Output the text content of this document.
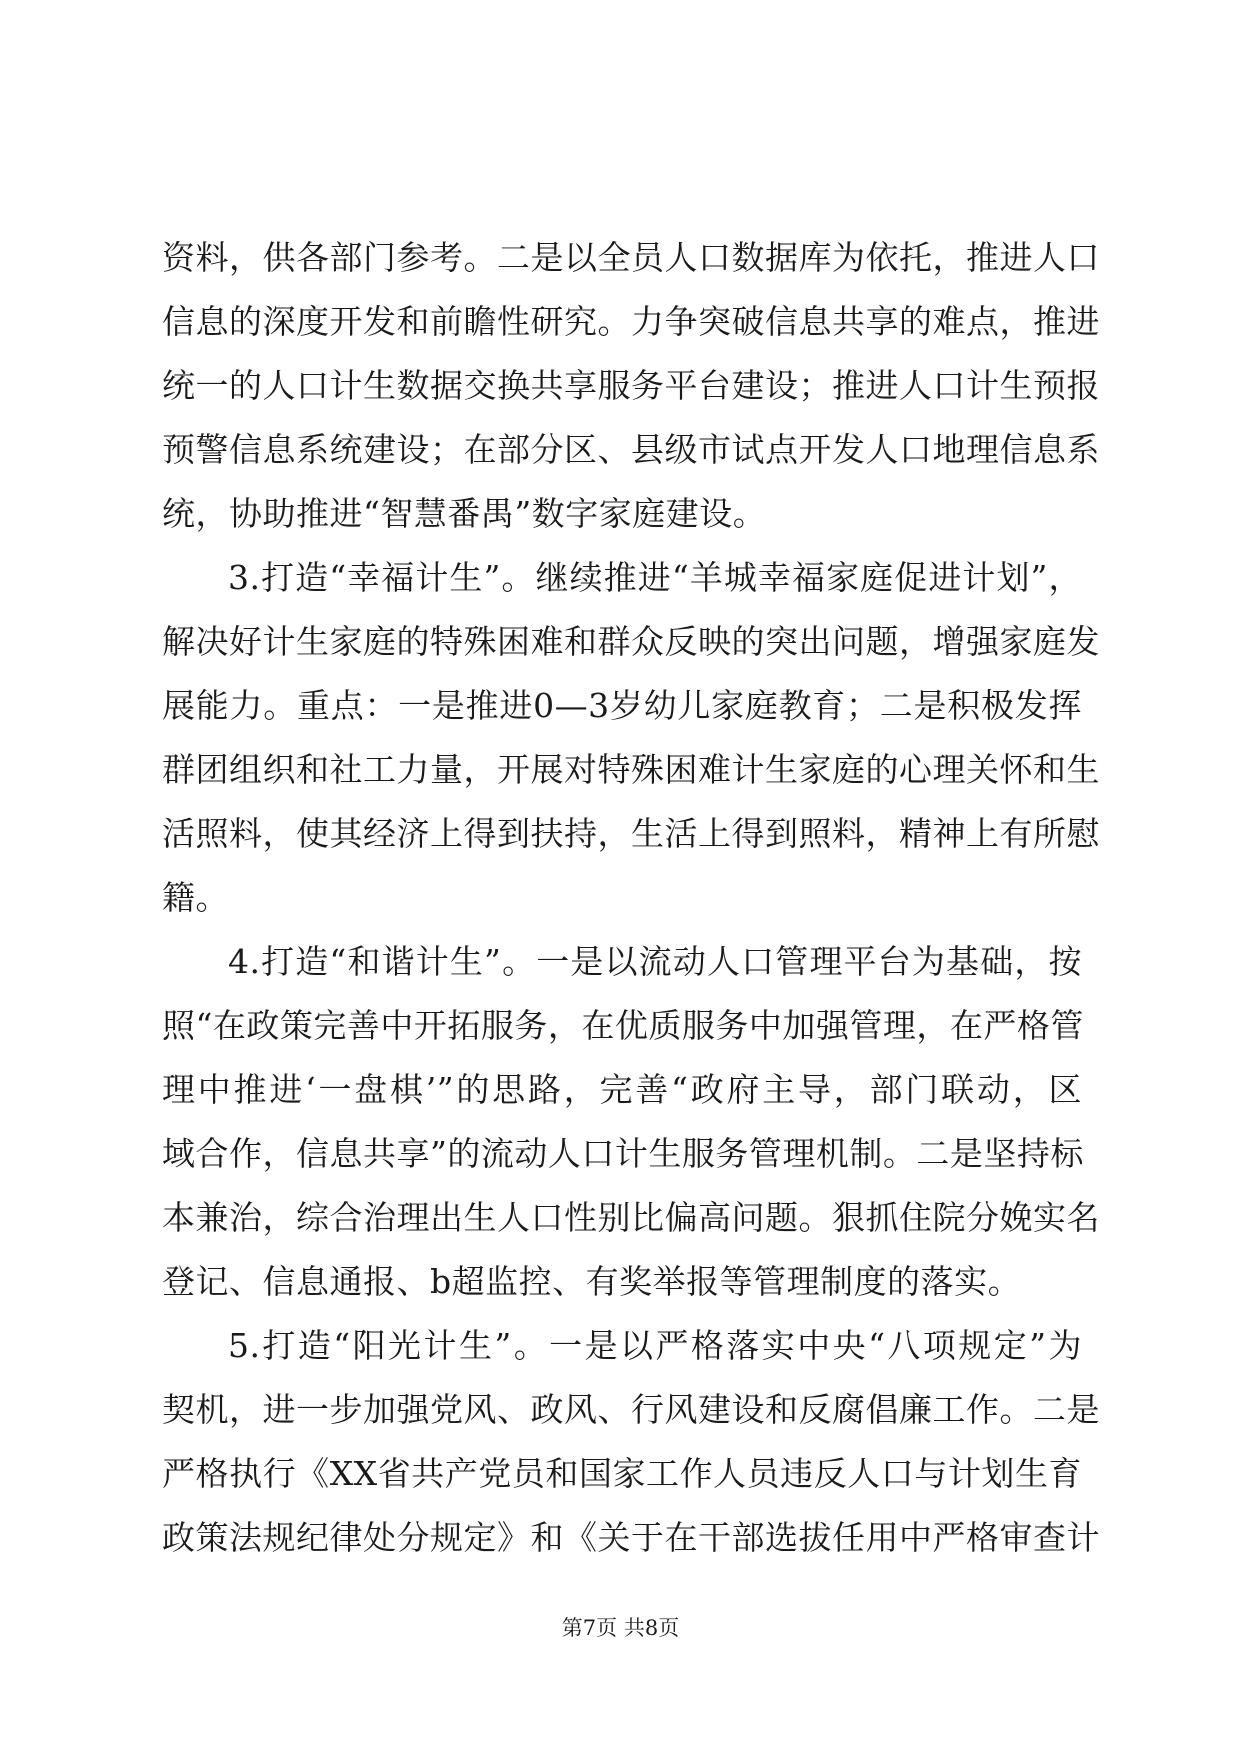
资料，供各部门参考。二是以全员人口数据库为依托，推进人口
信息的深度开发和前瞻性研究。力争突破信息共享的难点，推进
统一的人口计生数据交换共享服务平台建设；推进人口计生预报
预警信息系统建设；在部分区、县级市试点开发人口地理信息系
统，协助推进“智慧番禺”数字家庭建设。
3.打造“幸福计生”。继续推进“羊城幸福家庭促进计划”，
解决好计生家庭的特殊困难和群众反映的突出问题，增强家庭发
展能力。重点：一是推进0—3岁幼儿家庭教育；二是积极发挥
群团组织和社工力量，开展对特殊困难计生家庭的心理关怀和生
活照料，使其经济上得到扶持，生活上得到照料，精神上有所慰
籍。
4.打造“和谐计生”。一是以流动人口管理平台为基础，按
照“在政策完善中开拓服务，在优质服务中加强管理，在严格管
理中推进‘一盘棋’”的思路，完善“政府主导，部门联动，区
域合作，信息共享”的流动人口计生服务管理机制。二是坚持标
本兼治，综合治理出生人口性别比偏高问题。狠抓住院分娩实名
登记、信息通报、b超监控、有奖举报等管理制度的落实。
5.打造“阳光计生”。一是以严格落实中央“八项规定”为
契机，进一步加强党风、政风、行风建设和反腐倡廉工作。二是
严格执行《XX省共产党员和国家工作人员违反人口与计划生育
政策法规纪律处分规定》和《关于在干部选拔任用中严格审查计
第7页 共8页
